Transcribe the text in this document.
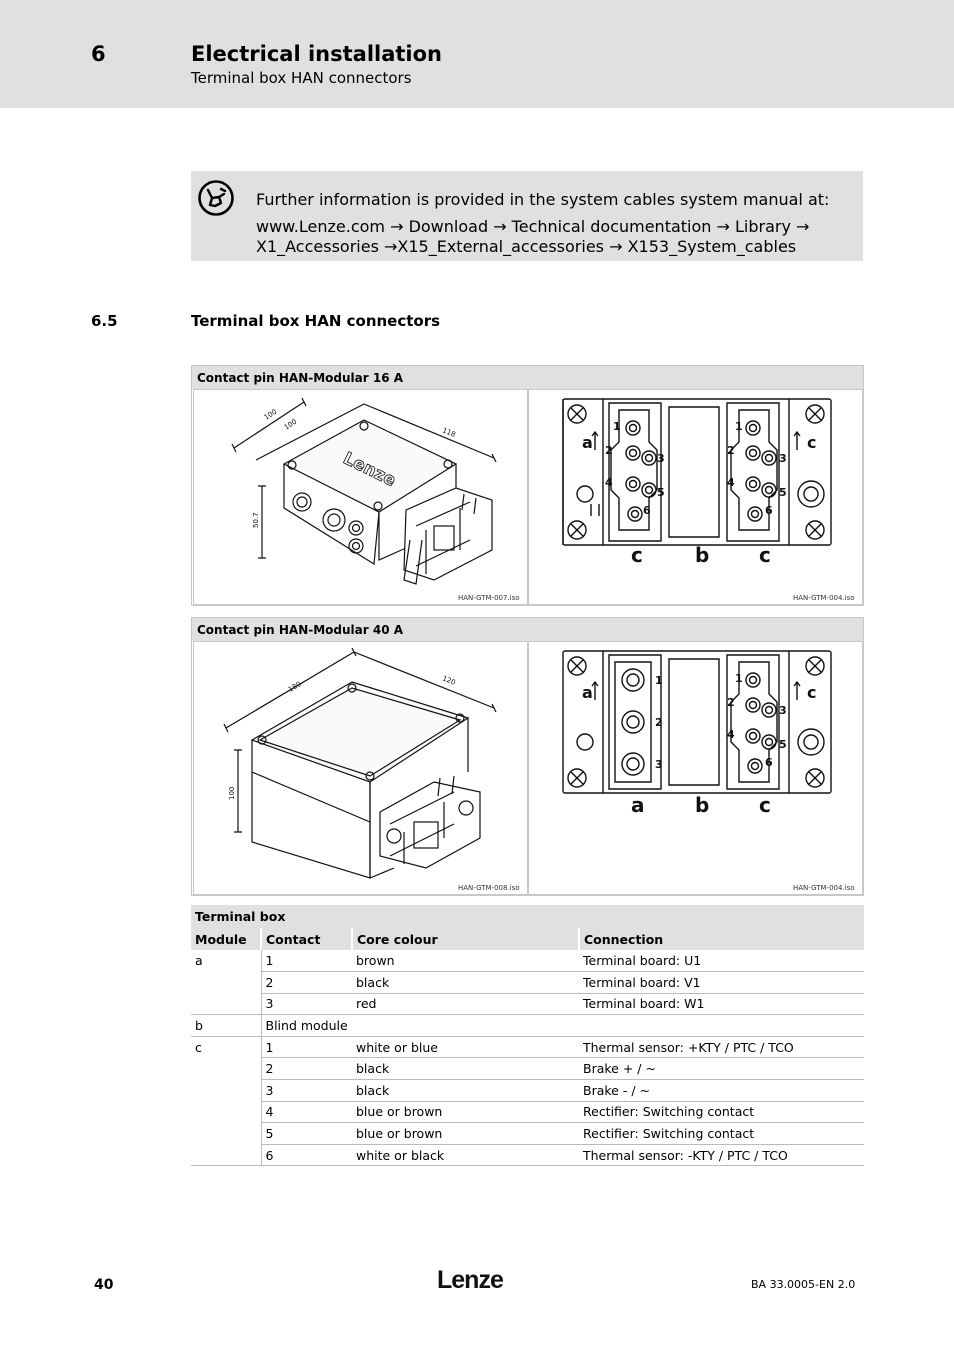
6	Electrical installation
Terminal box HAN connectors
Further information is provided in the system cables system manual at:
www.Lenze.com → Download → Technical documentation → Library →
X1_Accessories →X15_External_accessories → X153_System_cables
6.5	Terminal box HAN connectors
Contact pin HAN-Modular 16 A
100
100
118
50.7
Lenze
HAN-GTM-007.iso
1
2
3
4
5
6
1
2
3
4
5
6
a	c
c	b c
HAN-GTM-004.iso
Contact pin HAN-Modular 40 A
180	120
100
HAN-GTM-008.iso
1
2
3
1
2
3
4
5
6
a	c
a	b c
HAN-GTM-004.iso
Terminal box			
Module	Contact	Core colour	Connection
a	1	brown	Terminal board: U1
	2	black	Terminal board: V1
	3	red	Terminal board: W1
b	Blind module		
c	1	white or blue	Thermal sensor: +KTY / PTC / TCO
	2	black	Brake + / ~
	3	black	Brake - / ~
	4	blue or brown	Rectifier: Switching contact
	5	blue or brown	Rectifier: Switching contact
	6	white or black	Thermal sensor: -KTY / PTC / TCO
40	Lenze	BA 33.0005-EN 2.0
